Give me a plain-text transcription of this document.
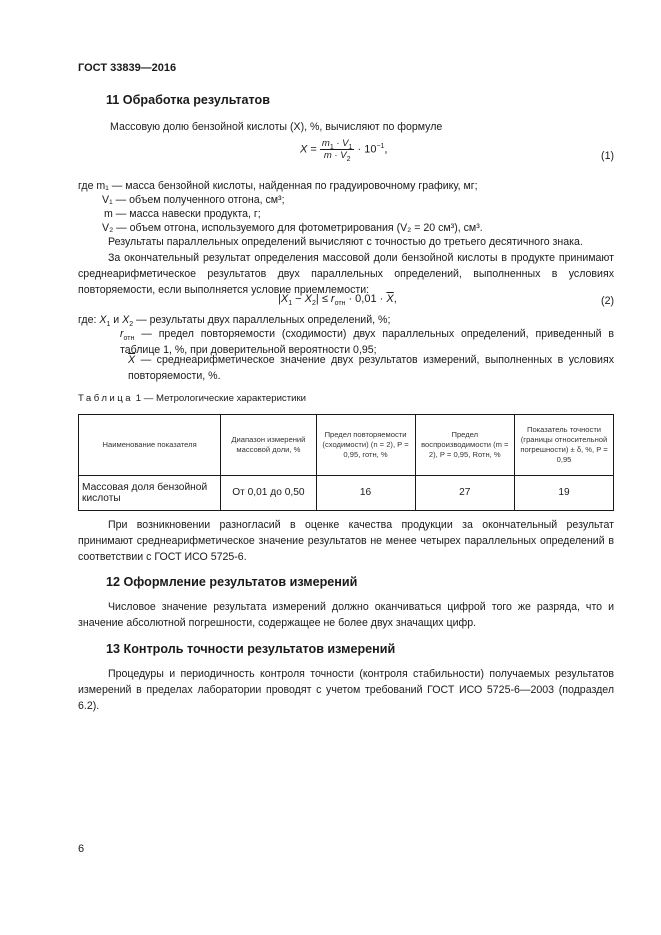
ГОСТ 33839—2016
11 Обработка результатов
Массовую долю бензойной кислоты (X), %, вычисляют по формуле
$X = \frac{m_1 \cdot V_1}{m \cdot V_2} \cdot 10^{-1}$,
(1)
где m₁ — масса бензойной кислоты, найденная по градуировочному графику, мг;
V₁ — объем полученного отгона, см³;
m — масса навески продукта, г;
V₂ — объем отгона, используемого для фотометрирования (V₂ = 20 см³), см³.

Результаты параллельных определений вычисляют с точностью до третьего десятичного знака.

За окончательный результат определения массовой доли бензойной кислоты в продукте принимают среднеарифметическое результатов двух параллельных определений, выполненных в условиях повторяемости, если выполняется условие приемлемости:

$|X_1 - X_2| \le r_{отн} \cdot 0,01 \cdot \overline{X}$,	(2)
где: $X_1$ и $X_2$ — результаты двух параллельных определений, %;
$r_{отн}$ — предел повторяемости (сходимости) двух параллельных определений, приведенный в таблице 1, %, при доверительной вероятности 0,95;
$\overline{X}$ — среднеарифметическое значение двух результатов измерений, выполненных в условиях повторяемости, %.
Таблица 1 — Метрологические характеристики
Наименование показателя	Диапазон измерений массовой доли, %	Предел повторяемости (сходимости) (n = 2), P = 0,95, rотн, %	Предел воспроизводимости (m = 2), P = 0,95, Rотн, %	Показатель точности (границы относительной погрешности) ± δ, %, P = 0,95
Массовая доля бензойной кислоты	От 0,01 до 0,50	16	27	19

При возникновении разногласий в оценке качества продукции за окончательный результат принимают среднеарифметическое значение результатов не менее четырех параллельных определений в соответствии с ГОСТ ИСО 5725-6.

12 Оформление результатов измерений

Числовое значение результата измерений должно оканчиваться цифрой того же разряда, что и значение абсолютной погрешности, содержащее не более двух значащих цифр.

13 Контроль точности результатов измерений

Процедуры и периодичность контроля точности (контроля стабильности) получаемых результатов измерений в пределах лаборатории проводят с учетом требований ГОСТ ИСО 5725-6—2003 (подраздел 6.2).

6
